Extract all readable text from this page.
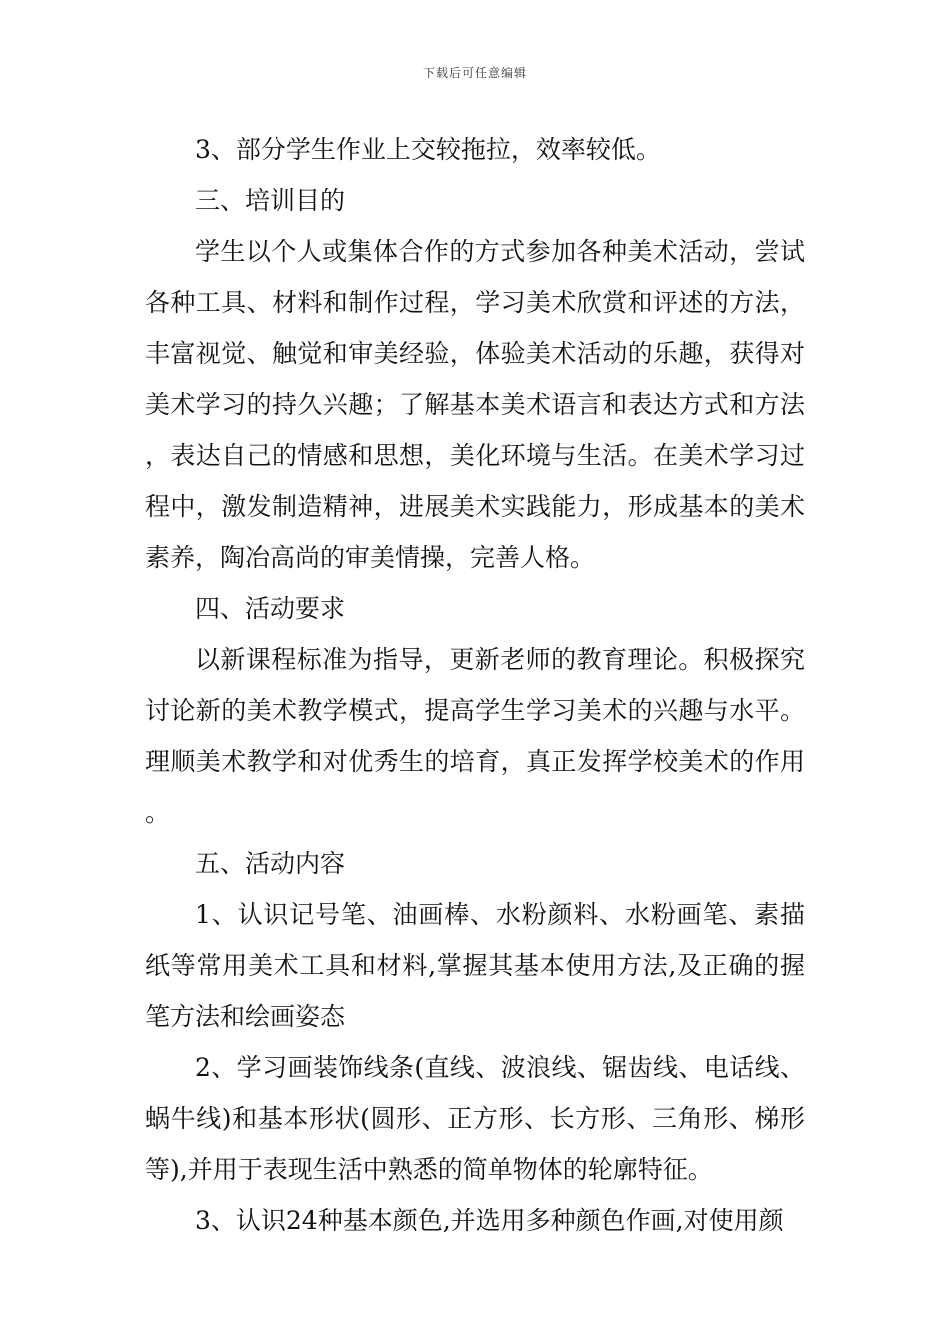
下载后可任意编辑

3、部分学生作业上交较拖拉，效率较低。

三、培训目的

学生以个人或集体合作的方式参加各种美术活动，尝试各种工具、材料和制作过程，学习美术欣赏和评述的方法，丰富视觉、触觉和审美经验，体验美术活动的乐趣，获得对美术学习的持久兴趣；了解基本美术语言和表达方式和方法，表达自己的情感和思想，美化环境与生活。在美术学习过程中，激发制造精神，进展美术实践能力，形成基本的美术素养，陶冶高尚的审美情操，完善人格。

四、活动要求

以新课程标准为指导，更新老师的教育理论。积极探究讨论新的美术教学模式，提高学生学习美术的兴趣与水平。理顺美术教学和对优秀生的培育，真正发挥学校美术的作用。

五、活动内容

1、认识记号笔、油画棒、水粉颜料、水粉画笔、素描纸等常用美术工具和材料,掌握其基本使用方法,及正确的握笔方法和绘画姿态

2、学习画装饰线条(直线、波浪线、锯齿线、电话线、蜗牛线)和基本形状(圆形、正方形、长方形、三角形、梯形等),并用于表现生活中熟悉的简单物体的轮廓特征。

3、认识24种基本颜色,并选用多种颜色作画,对使用颜
